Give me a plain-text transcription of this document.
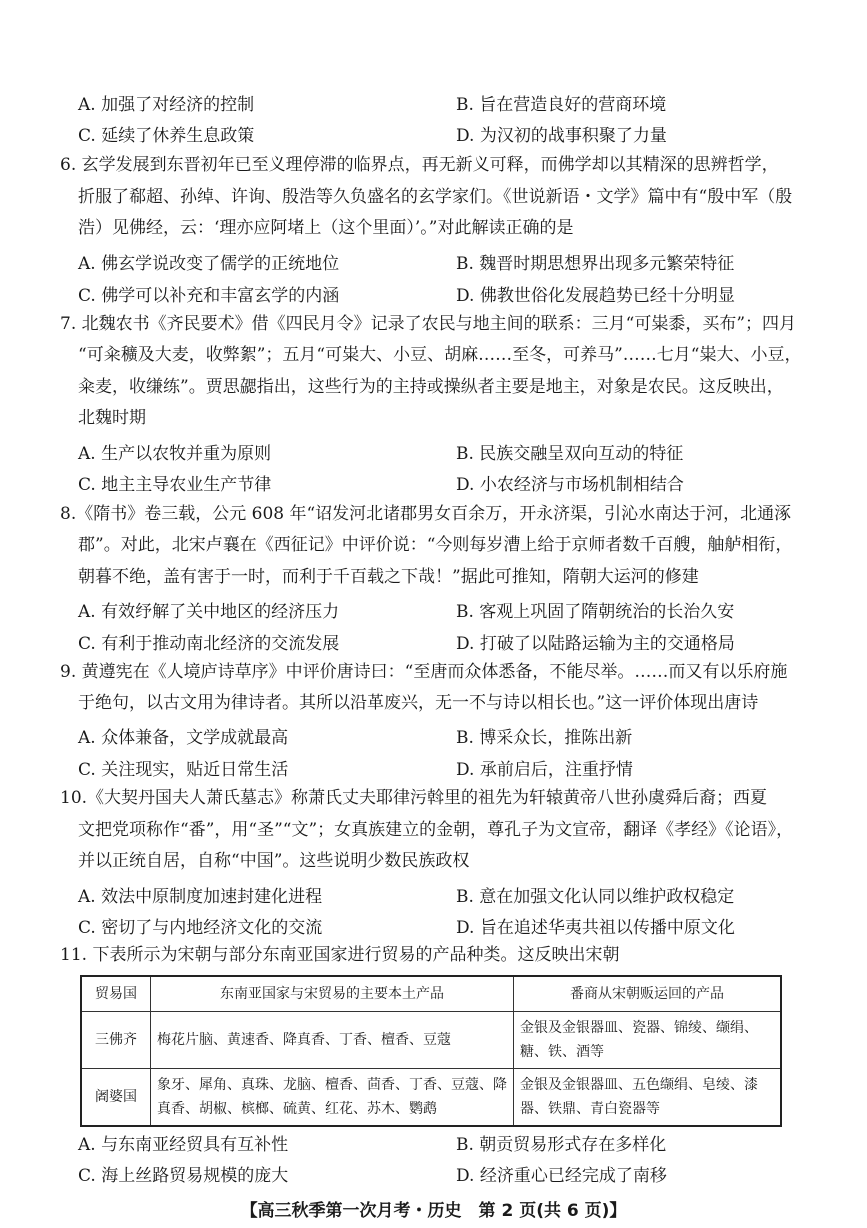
A. 加强了对经济的控制	B. 旨在营造良好的营商环境
C. 延续了休养生息政策	D. 为汉初的战事积聚了力量
6. 玄学发展到东晋初年已至义理停滞的临界点，再无新义可释，而佛学却以其精深的思辨哲学，
折服了郗超、孙绰、许询、殷浩等久负盛名的玄学家们。《世说新语・文学》篇中有“殷中军（殷
浩）见佛经，云：‘理亦应阿堵上（这个里面）’。”对此解读正确的是
A. 佛玄学说改变了儒学的正统地位	B. 魏晋时期思想界出现多元繁荣特征
C. 佛学可以补充和丰富玄学的内涵	D. 佛教世俗化发展趋势已经十分明显
7. 北魏农书《齐民要术》借《四民月令》记录了农民与地主间的联系：三月“可粜黍，买布”；四月
“可籴穬及大麦，收弊絮”；五月“可粜大、小豆、胡麻……至冬，可养马”……七月“粜大、小豆，
籴麦，收缣练”。贾思勰指出，这些行为的主持或操纵者主要是地主，对象是农民。这反映出，
北魏时期
A. 生产以农牧并重为原则	B. 民族交融呈双向互动的特征
C. 地主主导农业生产节律	D. 小农经济与市场机制相结合
8.《隋书》卷三载，公元 608 年“诏发河北诸郡男女百余万，开永济渠，引沁水南达于河，北通涿
郡”。对此，北宋卢襄在《西征记》中评价说：“今则每岁漕上给于京师者数千百艘，舳舻相衔，
朝暮不绝，盖有害于一时，而利于千百载之下哉！”据此可推知，隋朝大运河的修建
A. 有效纾解了关中地区的经济压力	B. 客观上巩固了隋朝统治的长治久安
C. 有利于推动南北经济的交流发展	D. 打破了以陆路运输为主的交通格局
9. 黄遵宪在《人境庐诗草序》中评价唐诗曰：“至唐而众体悉备，不能尽举。……而又有以乐府施
于绝句，以古文用为律诗者。其所以沿革废兴，无一不与诗以相长也。”这一评价体现出唐诗
A. 众体兼备，文学成就最高	B. 博采众长，推陈出新
C. 关注现实，贴近日常生活	D. 承前启后，注重抒情
10.《大契丹国夫人萧氏墓志》称萧氏丈夫耶律污斡里的祖先为轩辕黄帝八世孙虞舜后裔；西夏
文把党项称作“番”，用“圣”“文”；女真族建立的金朝，尊孔子为文宣帝，翻译《孝经》《论语》，
并以正统自居，自称“中国”。这些说明少数民族政权
A. 效法中原制度加速封建化进程	B. 意在加强文化认同以维护政权稳定
C. 密切了与内地经济文化的交流	D. 旨在追述华夷共祖以传播中原文化
11. 下表所示为宋朝与部分东南亚国家进行贸易的产品种类。这反映出宋朝
贸易国	东南亚国家与宋贸易的主要本土产品	番商从宋朝贩运回的产品
三佛齐	梅花片脑、黄速香、降真香、丁香、檀香、豆蔻	金银及金银器皿、瓷器、锦绫、缬绢、糖、铁、酒等
阇婆国	象牙、犀角、真珠、龙脑、檀香、茴香、丁香、豆蔻、降真香、胡椒、槟榔、硫黄、红花、苏木、鹦鹉	金银及金银器皿、五色缬绢、皂绫、漆器、铁鼎、青白瓷器等
A. 与东南亚经贸具有互补性	B. 朝贡贸易形式存在多样化
C. 海上丝路贸易规模的庞大	D. 经济重心已经完成了南移
【高三秋季第一次月考・历史　第 2 页(共 6 页)】
